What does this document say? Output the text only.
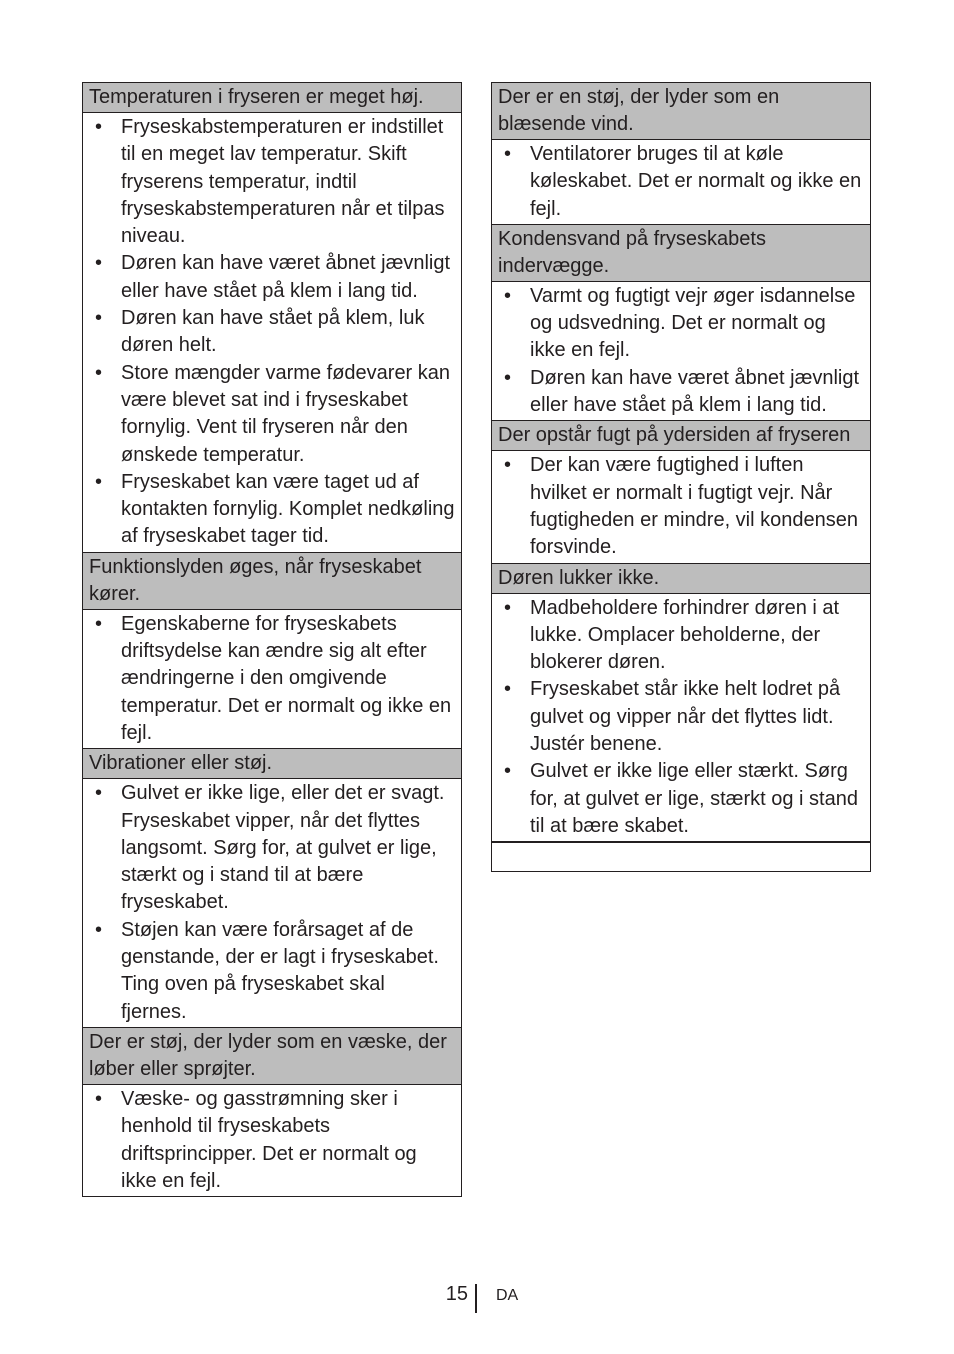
Temperaturen i fryseren er meget høj.
• Fryseskabstemperaturen er indstillet til en meget lav temperatur. Skift fryserens temperatur, indtil fryseskabstemperaturen når et tilpas niveau.
• Døren kan have været åbnet jævnligt eller have stået på klem i lang tid.
• Døren kan have stået på klem, luk døren helt.
• Store mængder varme fødevarer kan være blevet sat ind i fryseskabet fornylig. Vent til fryseren når den ønskede temperatur.
• Fryseskabet kan være taget ud af kontakten fornylig. Komplet nedkøling af fryseskabet tager tid.
Funktionslyden øges, når fryseskabet kører.
• Egenskaberne for fryseskabets driftsydelse kan ændre sig alt efter ændringerne i den omgivende temperatur. Det er normalt og ikke en fejl.
Vibrationer eller støj.
• Gulvet er ikke lige, eller det er svagt. Fryseskabet vipper, når det flyttes langsomt. Sørg for, at gulvet er lige, stærkt og i stand til at bære fryseskabet.
• Støjen kan være forårsaget af de genstande, der er lagt i fryseskabet. Ting oven på fryseskabet skal fjernes.
Der er støj, der lyder som en væske, der løber eller sprøjter.
• Væske- og gasstrømning sker i henhold til fryseskabets driftsprincipper. Det er normalt og ikke en fejl.
Der er en støj, der lyder som en blæsende vind.
• Ventilatorer bruges til at køle køleskabet. Det er normalt og ikke en fejl.
Kondensvand på fryseskabets indervægge.
• Varmt og fugtigt vejr øger isdannelse og udsvedning. Det er normalt og ikke en fejl.
• Døren kan have været åbnet jævnligt eller have stået på klem i lang tid.
Der opstår fugt på ydersiden af fryseren
• Der kan være fugtighed i luften hvilket er normalt i fugtigt vejr. Når fugtigheden er mindre, vil kondensen forsvinde.
Døren lukker ikke.
• Madbeholdere forhindrer døren i at lukke. Omplacer beholderne, der blokerer døren.
• Fryseskabet står ikke helt lodret på gulvet og vipper når det flyttes lidt. Justér benene.
• Gulvet er ikke lige eller stærkt. Sørg for, at gulvet er lige, stærkt og i stand til at bære skabet.
15 DA
